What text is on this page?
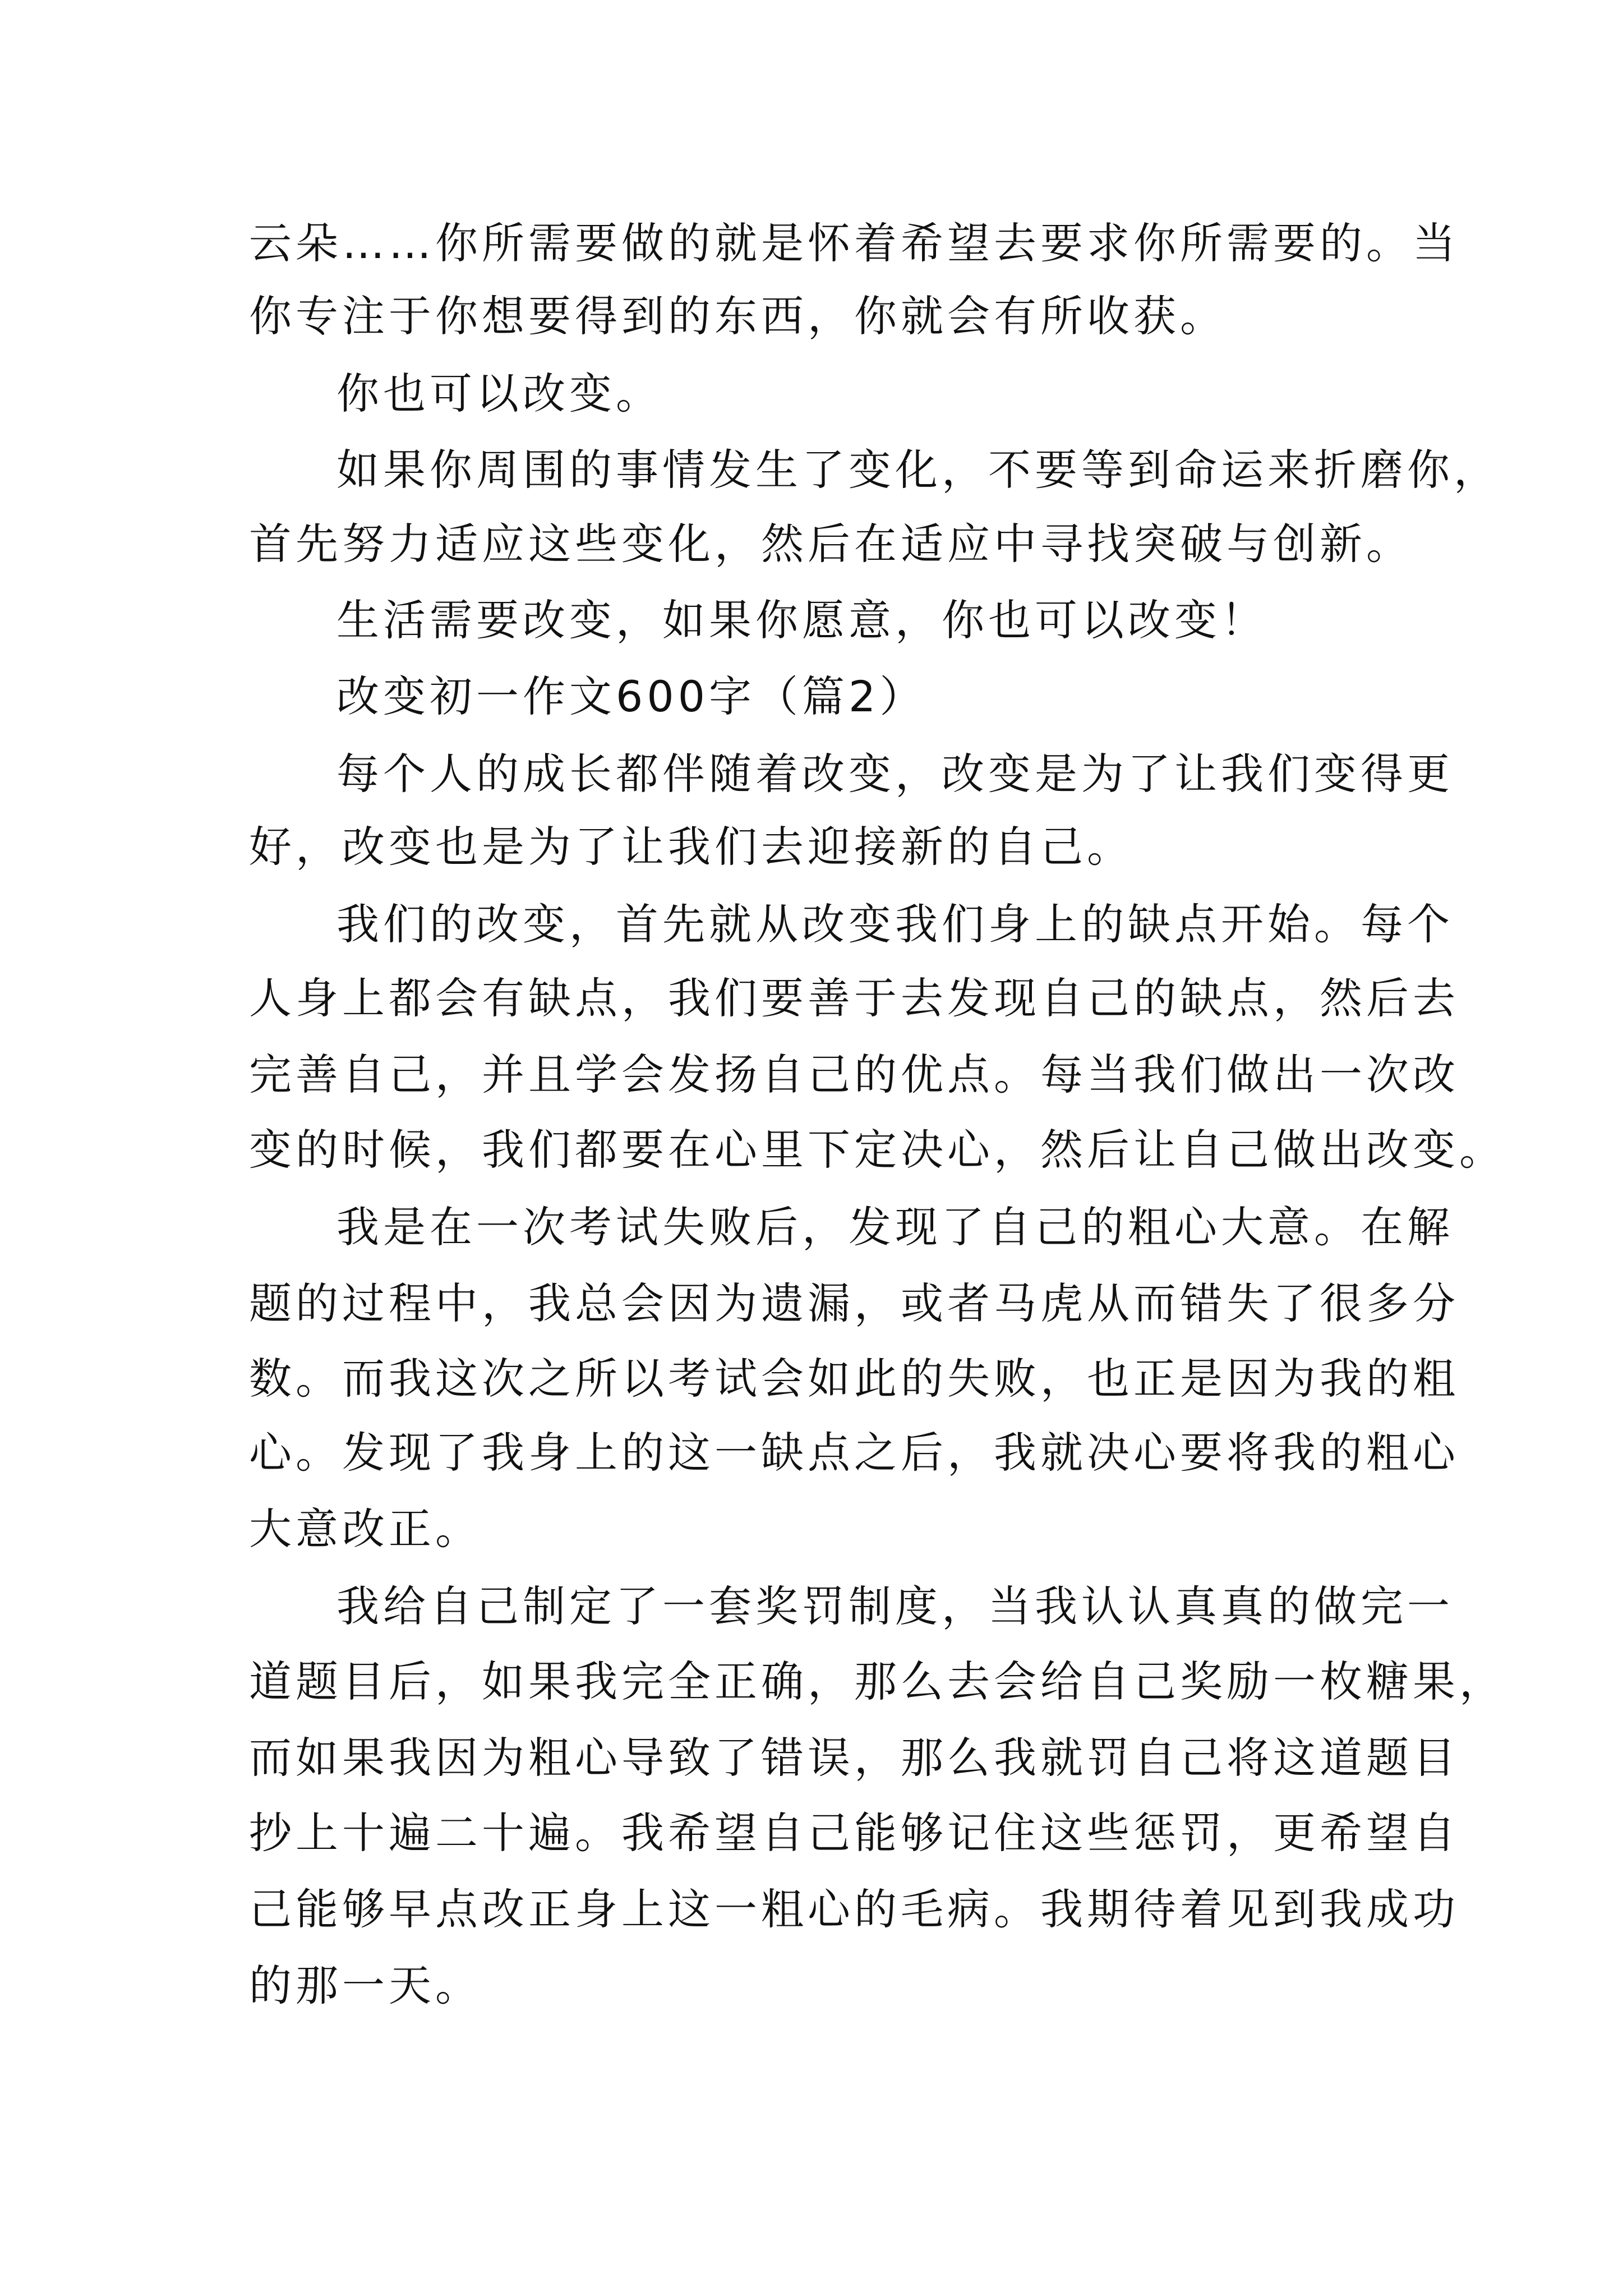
云朵……你所需要做的就是怀着希望去要求你所需要的。当

你专注于你想要得到的东西，你就会有所收获。

你也可以改变。

如果你周围的事情发生了变化，不要等到命运来折磨你，

首先努力适应这些变化，然后在适应中寻找突破与创新。

生活需要改变，如果你愿意，你也可以改变！

改变初一作文600字（篇2）

每个人的成长都伴随着改变，改变是为了让我们变得更

好，改变也是为了让我们去迎接新的自己。

我们的改变，首先就从改变我们身上的缺点开始。每个

人身上都会有缺点，我们要善于去发现自己的缺点，然后去

完善自己，并且学会发扬自己的优点。每当我们做出一次改

变的时候，我们都要在心里下定决心，然后让自己做出改变。

我是在一次考试失败后，发现了自己的粗心大意。在解

题的过程中，我总会因为遗漏，或者马虎从而错失了很多分

数。而我这次之所以考试会如此的失败，也正是因为我的粗

心。发现了我身上的这一缺点之后，我就决心要将我的粗心

大意改正。

我给自己制定了一套奖罚制度，当我认认真真的做完一

道题目后，如果我完全正确，那么去会给自己奖励一枚糖果，

而如果我因为粗心导致了错误，那么我就罚自己将这道题目

抄上十遍二十遍。我希望自己能够记住这些惩罚，更希望自

己能够早点改正身上这一粗心的毛病。我期待着见到我成功

的那一天。
